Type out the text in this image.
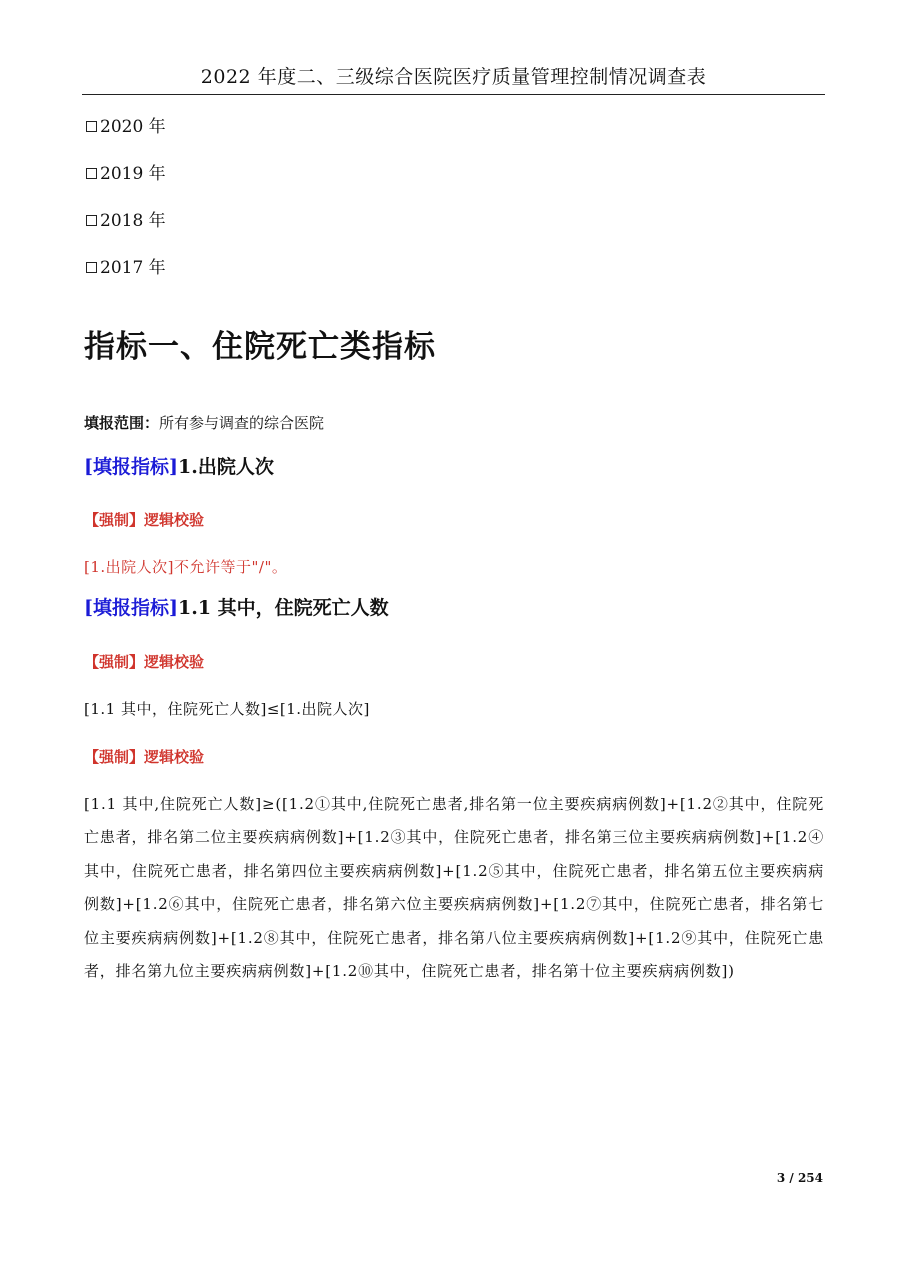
2022 年度二、三级综合医院医疗质量管理控制情况调查表
2020 年
2019 年
2018 年
2017 年
指标一、住院死亡类指标
填报范围：所有参与调查的综合医院
[填报指标]1.出院人次
【强制】逻辑校验
[1.出院人次]不允许等于"/"。
[填报指标]1.1 其中，住院死亡人数
【强制】逻辑校验
[1.1 其中，住院死亡人数]≤[1.出院人次]
【强制】逻辑校验
[1.1 其中,住院死亡人数]≥([1.2①其中,住院死亡患者,排名第一位主要疾病病例数]+[1.2②其中，住院死亡患者，排名第二位主要疾病病例数]+[1.2③其中，住院死亡患者，排名第三位主要疾病病例数]+[1.2④其中，住院死亡患者，排名第四位主要疾病病例数]+[1.2⑤其中，住院死亡患者，排名第五位主要疾病病例数]+[1.2⑥其中，住院死亡患者，排名第六位主要疾病病例数]+[1.2⑦其中，住院死亡患者，排名第七位主要疾病病例数]+[1.2⑧其中，住院死亡患者，排名第八位主要疾病病例数]+[1.2⑨其中，住院死亡患者，排名第九位主要疾病病例数]+[1.2⑩其中，住院死亡患者，排名第十位主要疾病病例数])
3 / 254
